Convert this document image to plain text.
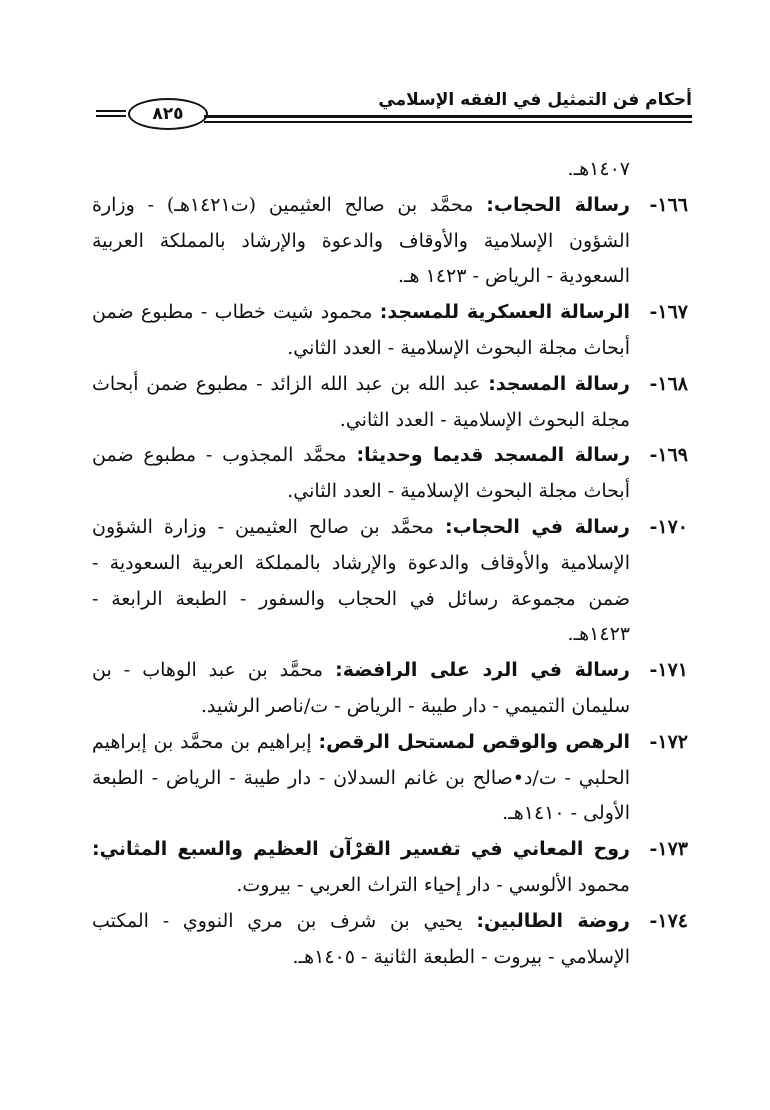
٨٢٥
أحكام فن التمثيل في الفقه الإسلامي

١٤٠٧هـ.

١٦٦-
رسالة الحجاب: محمَّد بن صالح العثيمين (ت١٤٢١هـ) - وزارة الشؤون الإسلامية والأوقاف والدعوة والإرشاد بالمملكة العربية السعودية - الرياض - ١٤٢٣ هـ.

١٦٧-
الرسالة العسكرية للمسجد: محمود شيت خطاب - مطبوع ضمن أبحاث مجلة البحوث الإسلامية - العدد الثاني.

١٦٨-
رسالة المسجد: عبد الله بن عبد الله الزائد - مطبوع ضمن أبحاث مجلة البحوث الإسلامية - العدد الثاني.

١٦٩-
رسالة المسجد قديما وحديثا: محمَّد المجذوب - مطبوع ضمن أبحاث مجلة البحوث الإسلامية - العدد الثاني.

١٧٠-
رسالة في الحجاب: محمَّد بن صالح العثيمين - وزارة الشؤون الإسلامية والأوقاف والدعوة والإرشاد بالمملكة العربية السعودية - ضمن مجموعة رسائل في الحجاب والسفور - الطبعة الرابعة - ١٤٢٣هـ.

١٧١-
رسالة في الرد على الرافضة: محمَّد بن عبد الوهاب - بن سليمان التميمي - دار طيبة - الرياض - ت/ناصر الرشيد.

١٧٢-
الرهص والوقص لمستحل الرقص: إبراهيم بن محمَّد بن إبراهيم الحلبي - ت/د•صالح بن غانم السدلان - دار طيبة - الرياض - الطبعة الأولى - ١٤١٠هـ.

١٧٣-
روح المعاني في تفسير القرْآن العظيم والسبع المثاني: محمود الألوسي - دار إحياء التراث العربي - بيروت.

١٧٤-
روضة الطالبين: يحيي بن شرف بن مري النووي - المكتب الإسلامي - بيروت - الطبعة الثانية - ١٤٠٥هـ.
